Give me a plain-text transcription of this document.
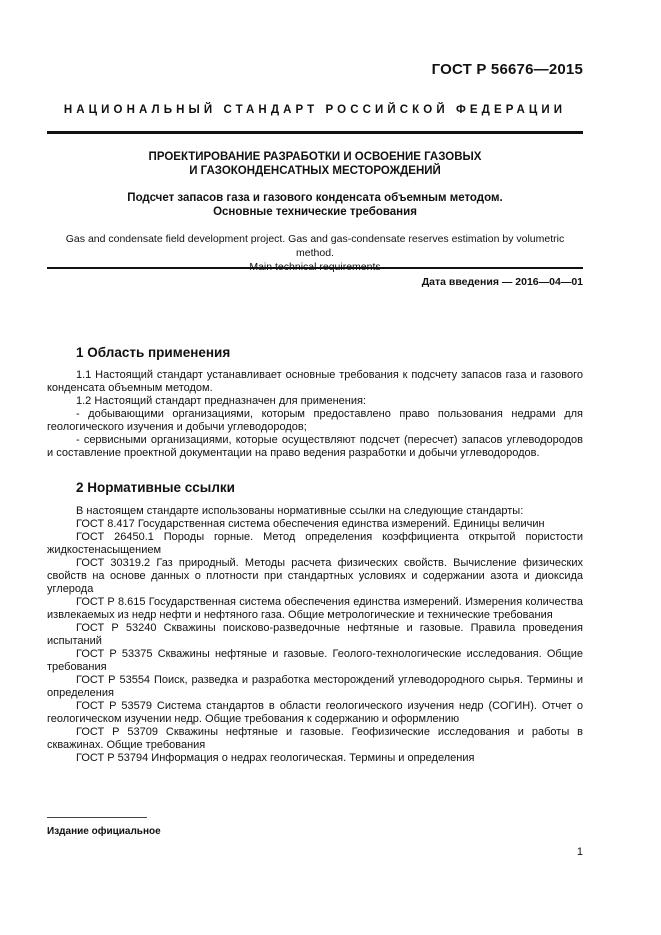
ГОСТ Р 56676—2015
НАЦИОНАЛЬНЫЙ СТАНДАРТ РОССИЙСКОЙ ФЕДЕРАЦИИ
ПРОЕКТИРОВАНИЕ РАЗРАБОТКИ И ОСВОЕНИЕ ГАЗОВЫХ
И ГАЗОКОНДЕНСАТНЫХ МЕСТОРОЖДЕНИЙ
Подсчет запасов газа и газового конденсата объемным методом.
Основные технические требования
Gas and condensate field development project. Gas and gas-condensate reserves estimation by volumetric method.
Main technical requirements
Дата введения — 2016—04—01
1 Область применения

1.1 Настоящий стандарт устанавливает основные требования к подсчету запасов газа и газового конденсата объемным методом.

1.2 Настоящий стандарт предназначен для применения:

- добывающими организациями, которым предоставлено право пользования недрами для геологического изучения и добычи углеводородов;

- сервисными организациями, которые осуществляют подсчет (пересчет) запасов углеводородов и составление проектной документации на право ведения разработки и добычи углеводородов.

2 Нормативные ссылки

В настоящем стандарте использованы нормативные ссылки на следующие стандарты:

ГОСТ 8.417 Государственная система обеспечения единства измерений. Единицы величин

ГОСТ 26450.1 Породы горные. Метод определения коэффициента открытой пористости жидкостенасыщением

ГОСТ 30319.2 Газ природный. Методы расчета физических свойств. Вычисление физических свойств на основе данных о плотности при стандартных условиях и содержании азота и диоксида углерода

ГОСТ Р 8.615 Государственная система обеспечения единства измерений. Измерения количества извлекаемых из недр нефти и нефтяного газа. Общие метрологические и технические требования

ГОСТ Р 53240 Скважины поисково-разведочные нефтяные и газовые. Правила проведения испытаний

ГОСТ Р 53375 Скважины нефтяные и газовые. Геолого-технологические исследования. Общие требования

ГОСТ Р 53554 Поиск, разведка и разработка месторождений углеводородного сырья. Термины и определения

ГОСТ Р 53579 Система стандартов в области геологического изучения недр (СОГИН). Отчет о геологическом изучении недр. Общие требования к содержанию и оформлению

ГОСТ Р 53709 Скважины нефтяные и газовые. Геофизические исследования и работы в скважинах. Общие требования

ГОСТ Р 53794 Информация о недрах геологическая. Термины и определения

Издание официальное
1
